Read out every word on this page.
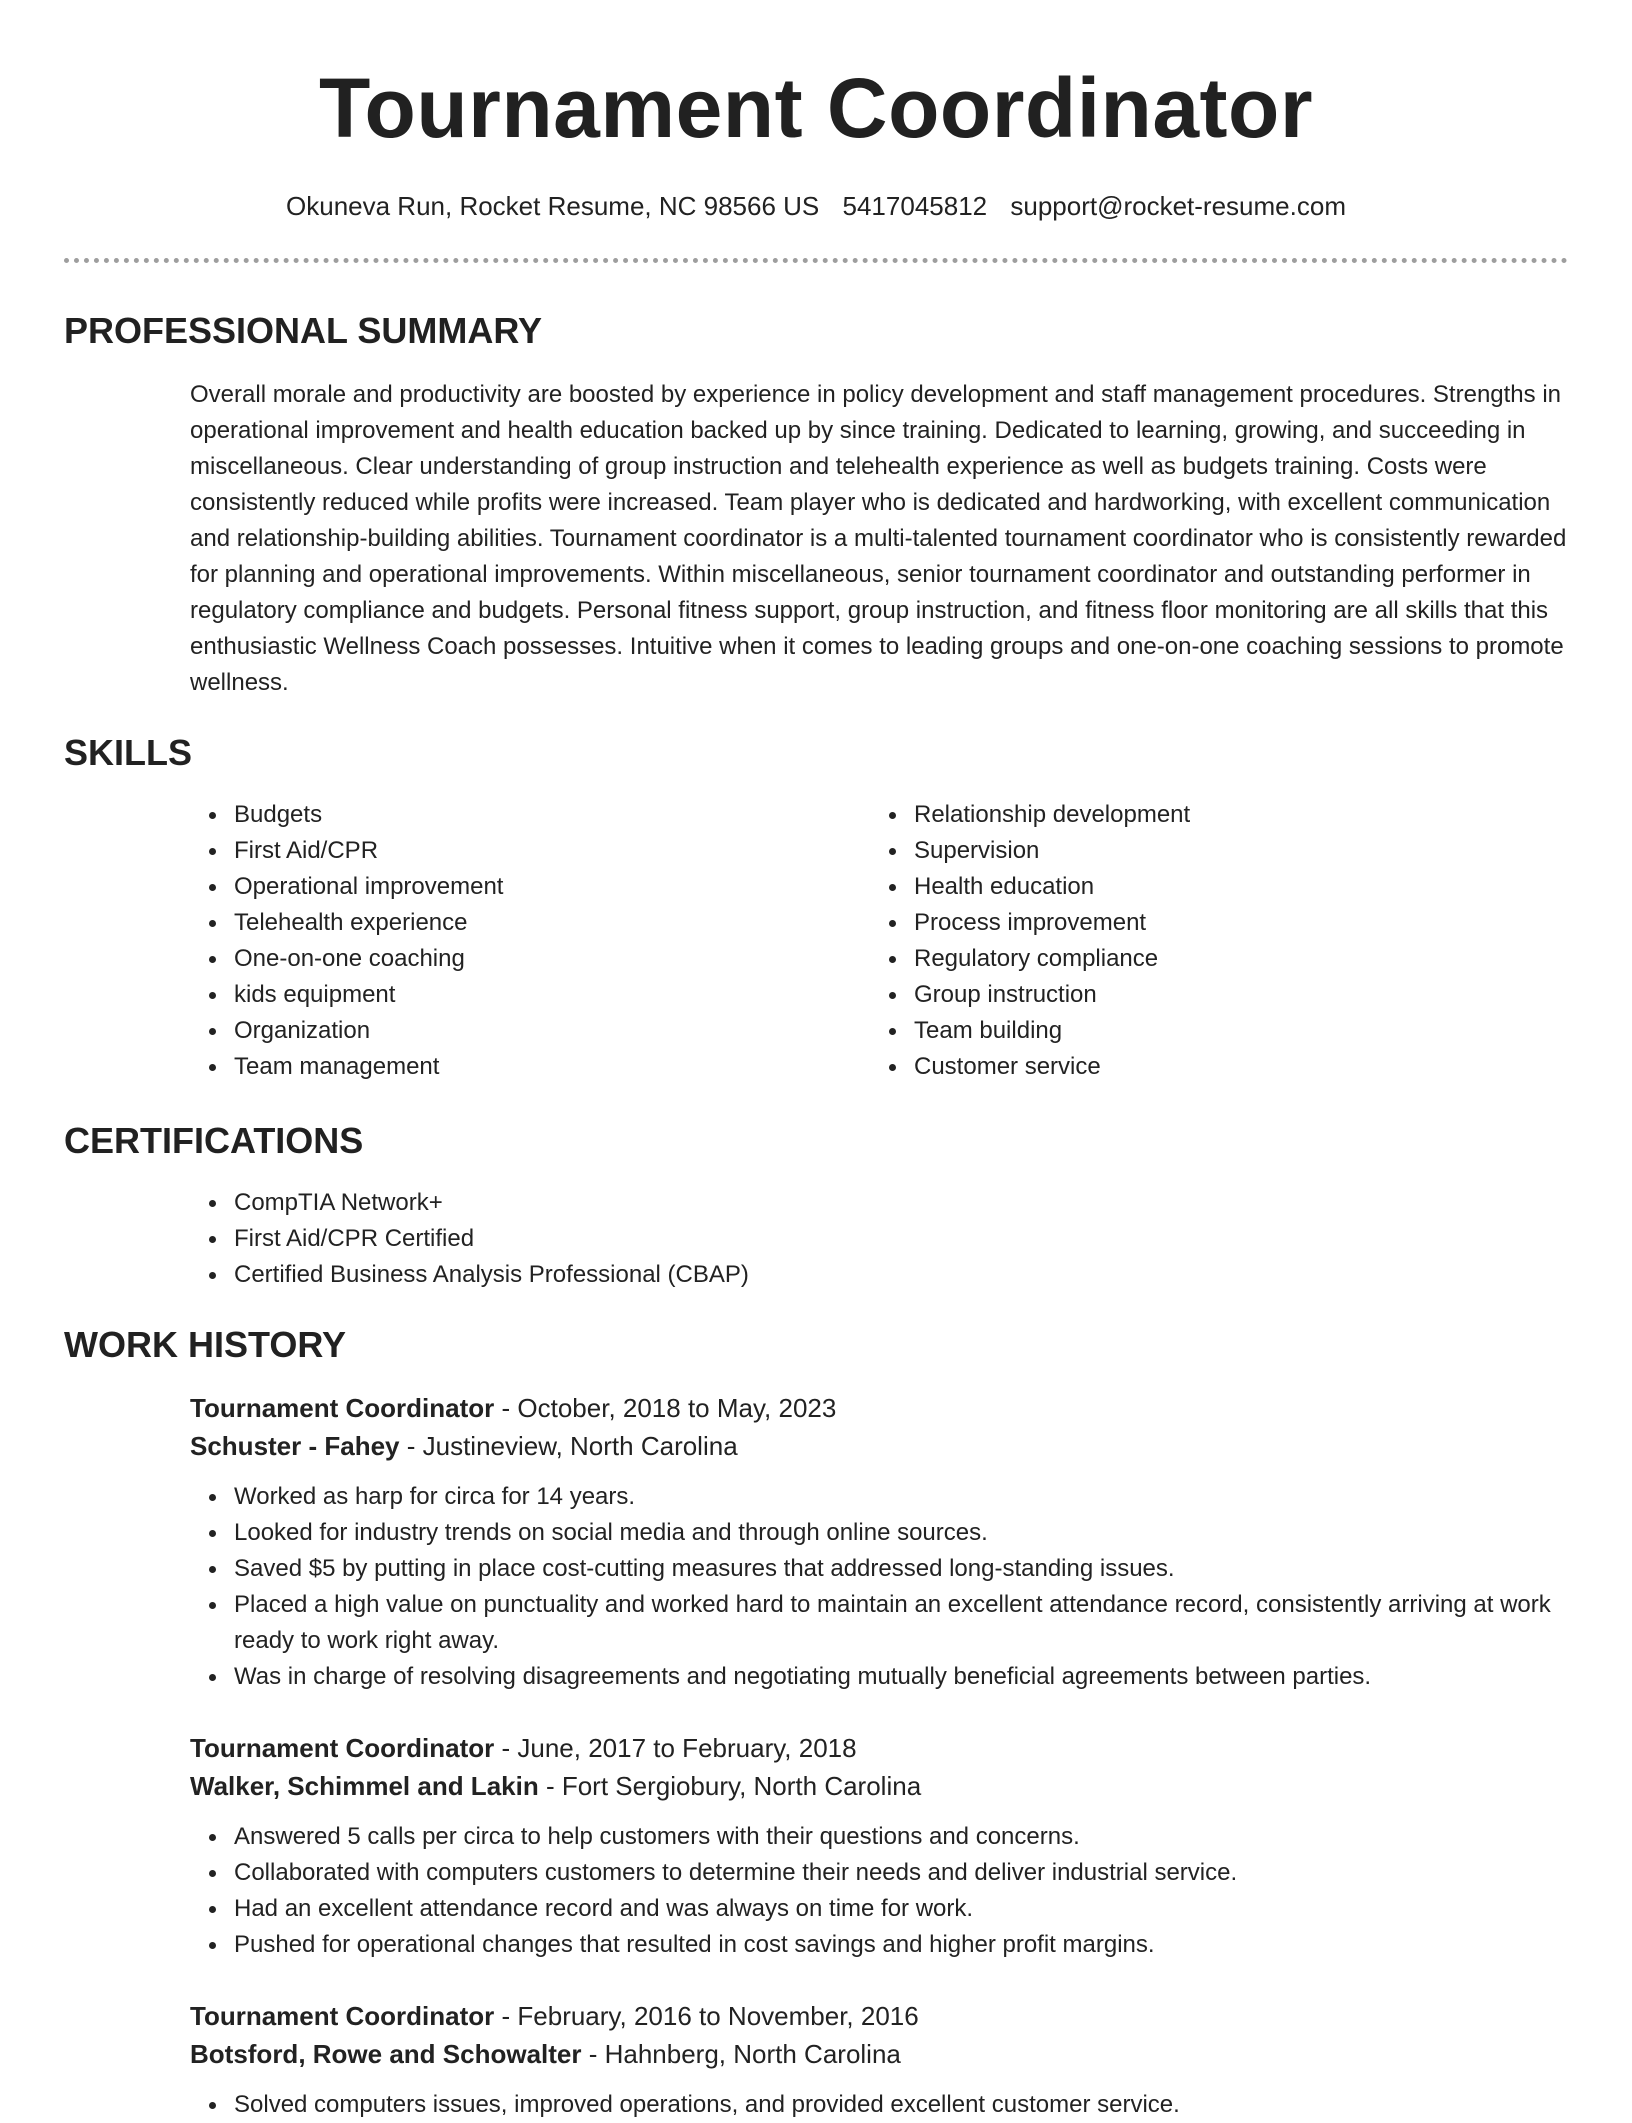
Tournament Coordinator
Okuneva Run, Rocket Resume, NC 98566 US 5417045812 support@rocket-resume.com
PROFESSIONAL SUMMARY

Overall morale and productivity are boosted by experience in policy development and staff management procedures. Strengths in operational improvement and health education backed up by since training. Dedicated to learning, growing, and succeeding in miscellaneous. Clear understanding of group instruction and telehealth experience as well as budgets training. Costs were consistently reduced while profits were increased. Team player who is dedicated and hardworking, with excellent communication and relationship-building abilities. Tournament coordinator is a multi-talented tournament coordinator who is consistently rewarded for planning and operational improvements. Within miscellaneous, senior tournament coordinator and outstanding performer in regulatory compliance and budgets. Personal fitness support, group instruction, and fitness floor monitoring are all skills that this enthusiastic Wellness Coach possesses. Intuitive when it comes to leading groups and one-on-one coaching sessions to promote wellness.

SKILLS
Budgets
First Aid/CPR
Operational improvement
Telehealth experience
One-on-one coaching
kids equipment
Organization
Team management
Relationship development
Supervision
Health education
Process improvement
Regulatory compliance
Group instruction
Team building
Customer service
CERTIFICATIONS
CompTIA Network+
First Aid/CPR Certified
Certified Business Analysis Professional (CBAP)
WORK HISTORY
Tournament Coordinator - October, 2018 to May, 2023
Schuster - Fahey - Justineview, North Carolina
Worked as harp for circa for 14 years.
Looked for industry trends on social media and through online sources.
Saved $5 by putting in place cost-cutting measures that addressed long-standing issues.
Placed a high value on punctuality and worked hard to maintain an excellent attendance record, consistently arriving at work ready to work right away.
Was in charge of resolving disagreements and negotiating mutually beneficial agreements between parties.
Tournament Coordinator - June, 2017 to February, 2018
Walker, Schimmel and Lakin - Fort Sergiobury, North Carolina
Answered 5 calls per circa to help customers with their questions and concerns.
Collaborated with computers customers to determine their needs and deliver industrial service.
Had an excellent attendance record and was always on time for work.
Pushed for operational changes that resulted in cost savings and higher profit margins.
Tournament Coordinator - February, 2016 to November, 2016
Botsford, Rowe and Schowalter - Hahnberg, North Carolina
Solved computers issues, improved operations, and provided excellent customer service.
